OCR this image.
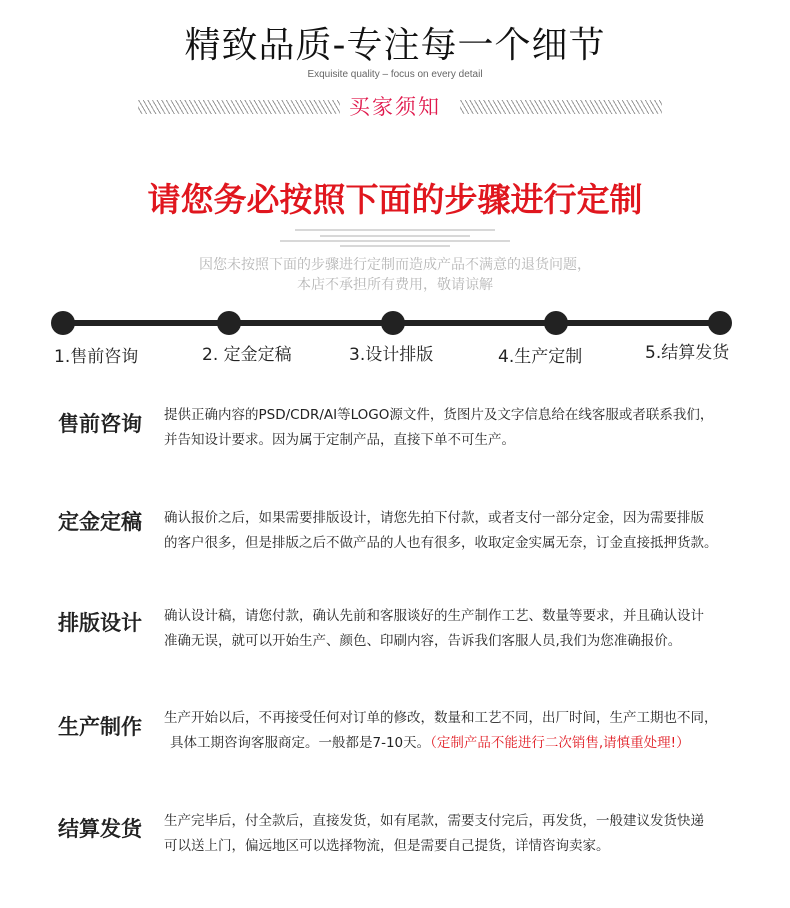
精致品质-专注每一个细节
Exquisite quality – focus on every detail
买家须知
请您务必按照下面的步骤进行定制
因您未按照下面的步骤进行定制而造成产品不满意的退货问题，
本店不承担所有费用，敬请谅解
1.售前咨询	2. 定金定稿	3.设计排版	4.生产定制	5.结算发货
售前咨询 提供正确内容的PSD/CDR/AI等LOGO源文件，货图片及文字信息给在线客服或者联系我们，
并告知设计要求。因为属于定制产品，直接下单不可生产。
定金定稿 确认报价之后，如果需要排版设计，请您先拍下付款，或者支付一部分定金，因为需要排版
的客户很多，但是排版之后不做产品的人也有很多，收取定金实属无奈，订金直接抵押货款。
排版设计 确认设计稿，请您付款，确认先前和客服谈好的生产制作工艺、数量等要求，并且确认设计
准确无误，就可以开始生产、颜色、印刷内容，告诉我们客服人员,我们为您准确报价。
生产制作 生产开始以后，不再接受任何对订单的修改，数量和工艺不同，出厂时间，生产工期也不同，
具体工期咨询客服商定。一般都是7-10天。（定制产品不能进行二次销售,请慎重处理!）
结算发货 生产完毕后，付全款后，直接发货，如有尾款，需要支付完后，再发货，一般建议发货快递
可以送上门，偏远地区可以选择物流，但是需要自己提货，详情咨询卖家。
